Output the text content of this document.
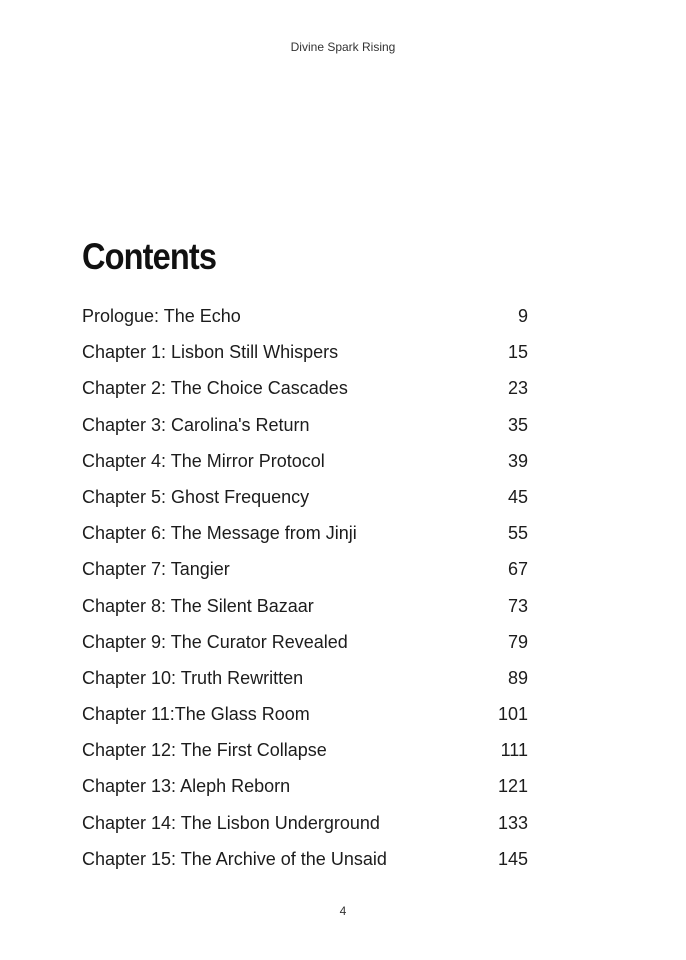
Divine Spark Rising
Contents
Prologue: The Echo	9
Chapter 1: Lisbon Still Whispers	15
Chapter 2: The Choice Cascades	23
Chapter 3: Carolina's Return	35
Chapter 4: The Mirror Protocol	39
Chapter 5: Ghost Frequency	45
Chapter 6: The Message from Jinji	55
Chapter 7: Tangier	67
Chapter 8: The Silent Bazaar	73
Chapter 9: The Curator Revealed	79
Chapter 10: Truth Rewritten	89
Chapter 11:The Glass Room	101
Chapter 12: The First Collapse	111
Chapter 13: Aleph Reborn	121
Chapter 14: The Lisbon Underground	133
Chapter 15: The Archive of the Unsaid	145
4
